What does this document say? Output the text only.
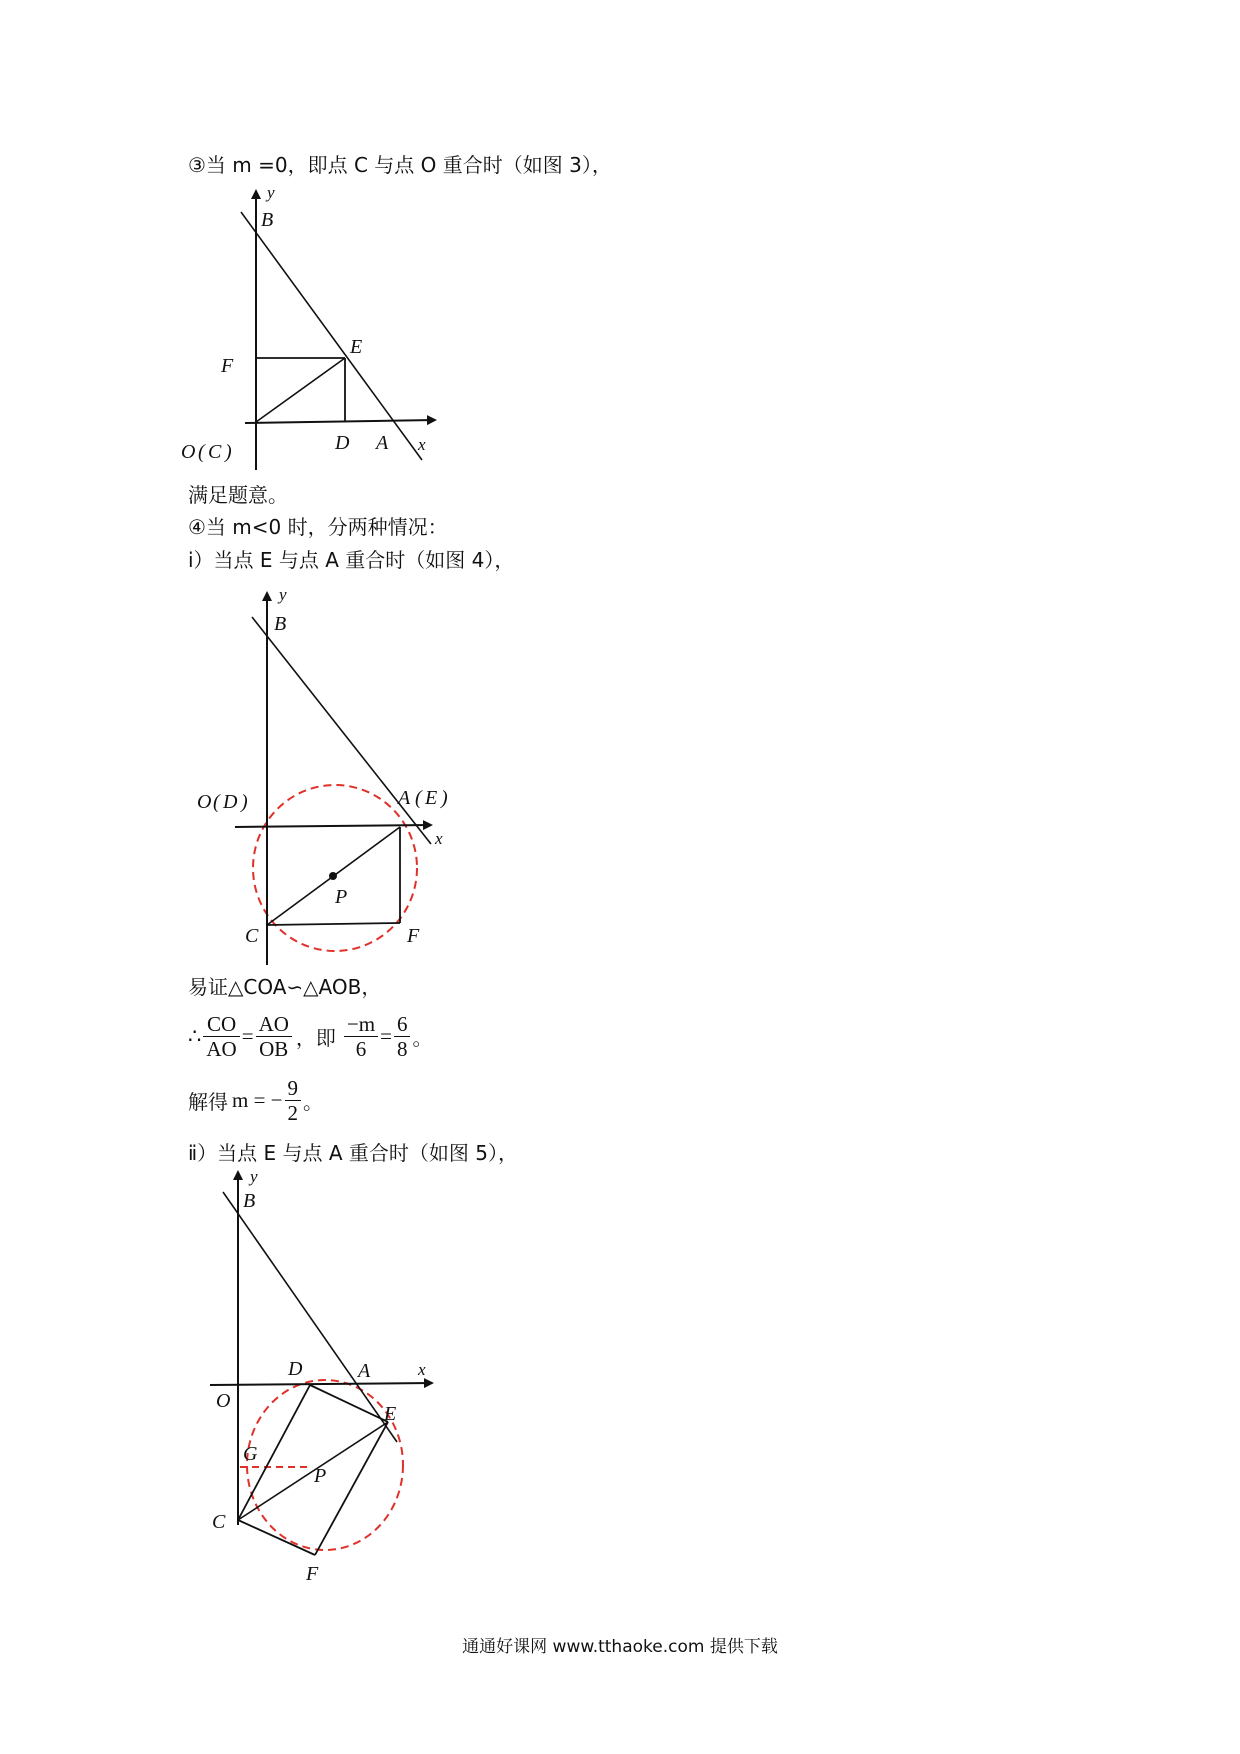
③当 m =0，即点 C 与点 O 重合时（如图 3），
y
B
E
F
D A x
O ( C )
满足题意。
④当 m<0 时，分两种情况：
ⅰ）当点 E 与点 A 重合时（如图 4），
y
B
O ( D )	A ( E )
x
P
C	F
易证△COA∽△AOB，
∴ $\frac{CO}{AO} = \frac{AO}{OB}$ ，即 $\frac{-m}{6} = \frac{6}{8}$ 。
解得 m = − $\frac{9}{2}$ 。
ⅱ）当点 E 与点 A 重合时（如图 5），
y
B
D	A	x
O
E
G
P
C
F
通通好课网 www.tthaoke.com 提供下载
